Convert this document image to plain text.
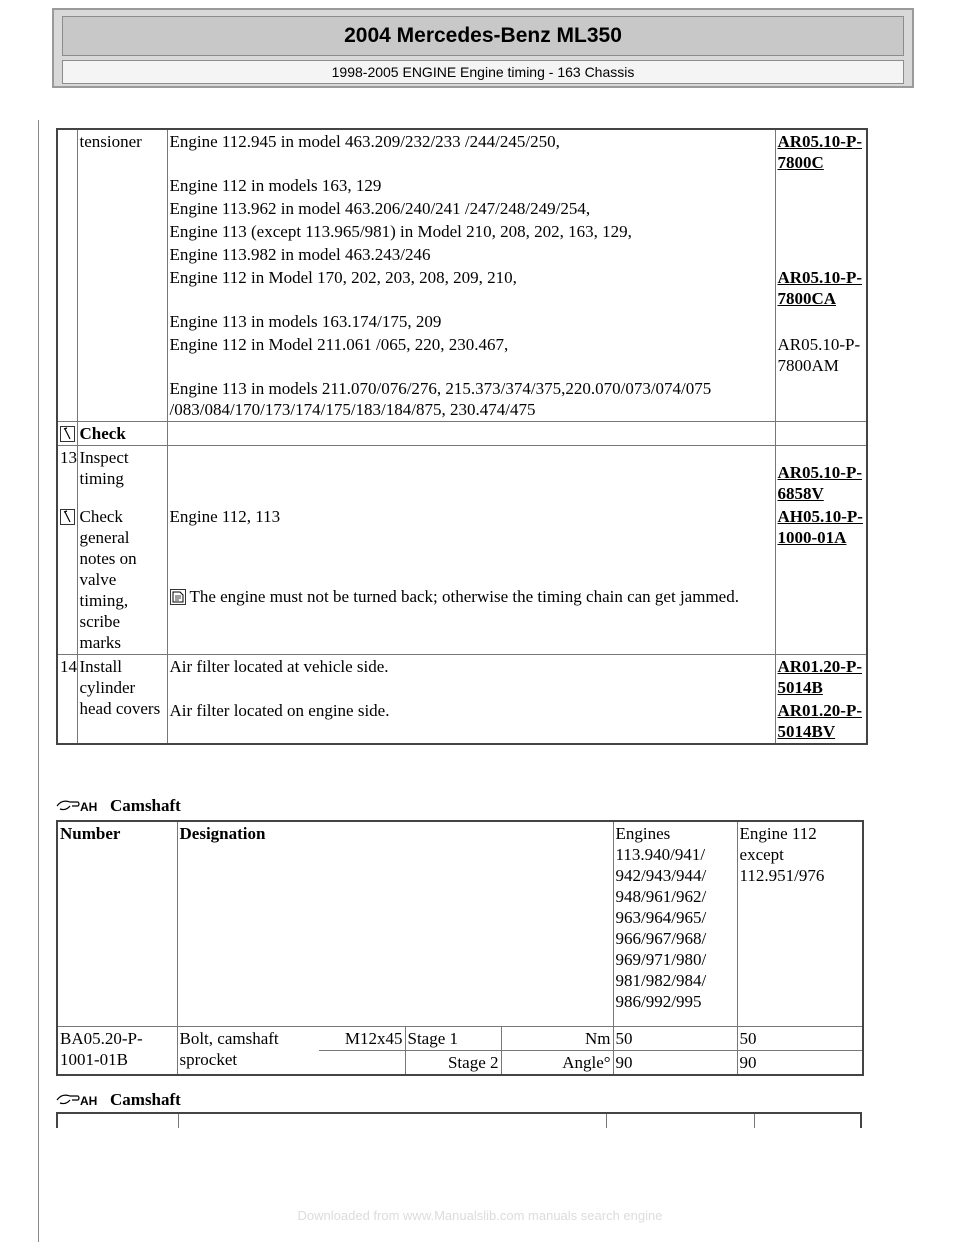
2004 Mercedes-Benz ML350
1998-2005 ENGINE Engine timing - 163 Chassis
	tensioner	Engine 112.945 in model 463.209/232/233 /244/245/250,	AR05.10-P-7800C
		Engine 112 in models 163, 129	
		Engine 113.962 in model 463.206/240/241 /247/248/249/254,	
		Engine 113 (except 113.965/981) in Model 210, 208, 202, 163, 129,	
		Engine 113.982 in model 463.243/246	
		Engine 112 in Model 170, 202, 203, 208, 209, 210,	AR05.10-P-7800CA
		Engine 113 in models 163.174/175, 209	
		Engine 112 in Model 211.061 /065, 220, 230.467,	AR05.10-P-7800AM
		Engine 113 in models 211.070/076/276, 215.373/374/375,220.070/073/074/075 /083/084/170/173/174/175/183/184/875, 230.474/475	

	Check		
13	Inspect timing		AR05.10-P-6858V

	Check general notes on valve timing, scribe marks	Engine 112, 113	AH05.10-P-1000-01A

The engine must not be turned back; otherwise the timing chain can get jammed.	
14	Install cylinder head covers	Air filter located at vehicle side.	AR01.20-P-5014B
		Air filter located on engine side.	AR01.20-P-5014BV
AH Camshaft
Number	Designation				Engines 113.940/941/ 942/943/944/ 948/961/962/ 963/964/965/ 966/967/968/ 969/971/980/ 981/982/984/ 986/992/995	Engine 112 except 112.951/976
BA05.20-P-1001-01B	Bolt, camshaft sprocket	M12x45	Stage 1	Nm	50	50
			Stage 2	Angle°	90	90
AH Camshaft
Downloaded from www.Manualslib.com manuals search engine
